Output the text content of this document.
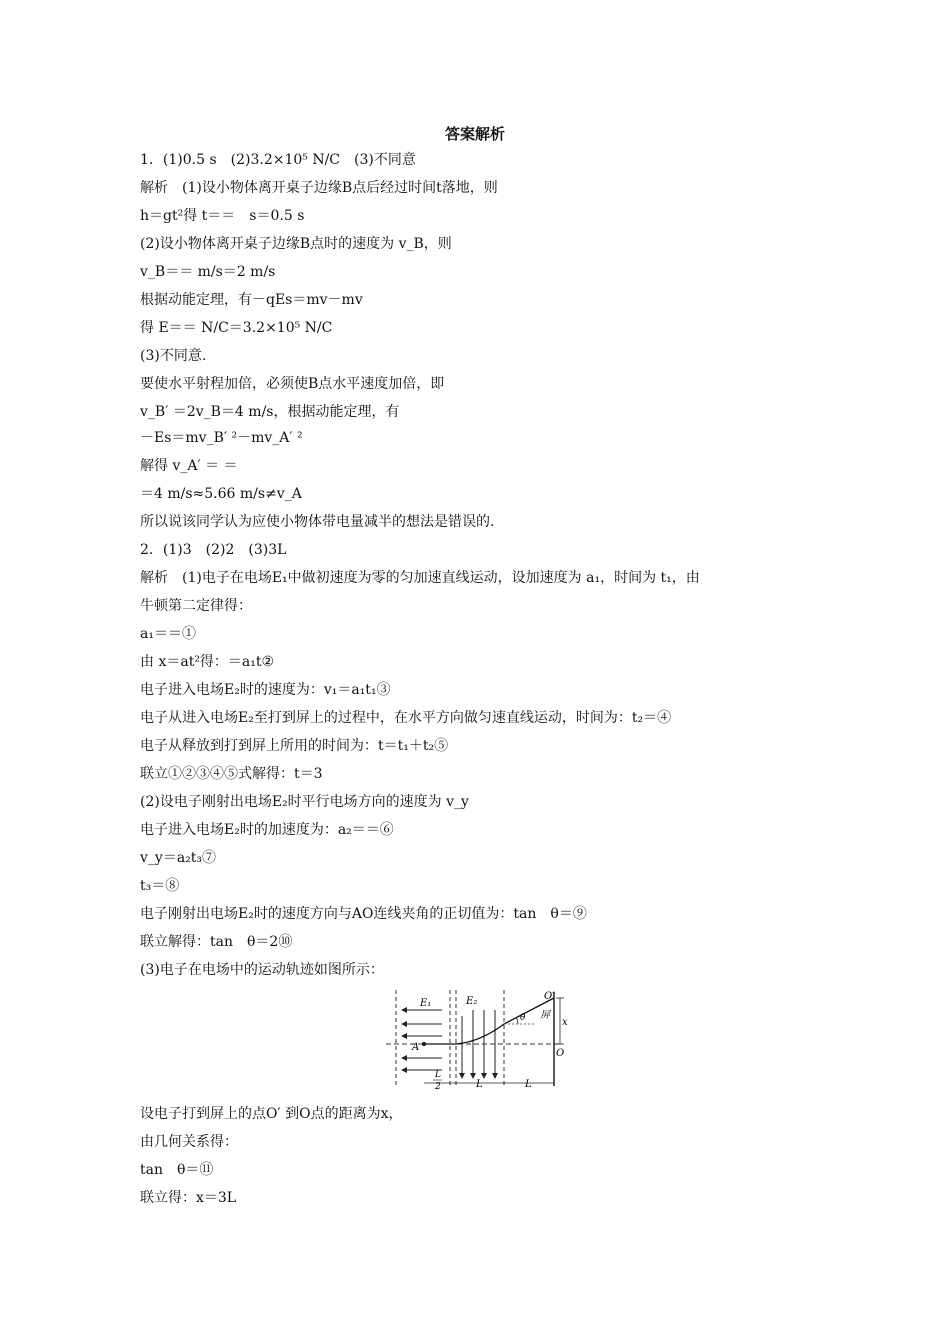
答案解析
1．(1)0.5 s　(2)3.2×10⁵ N/C　(3)不同意
解析　(1)设小物体离开桌子边缘B点后经过时间t落地，则
h＝gt²得 t＝＝　s＝0.5 s
(2)设小物体离开桌子边缘B点时的速度为 v_B，则
v_B＝＝ m/s＝2 m/s
根据动能定理，有－qEs＝mv－mv
得 E＝＝ N/C＝3.2×10⁵ N/C
(3)不同意.
要使水平射程加倍，必须使B点水平速度加倍，即
v_B′ ＝2v_B＝4 m/s，根据动能定理，有
－Es＝mv_B′ ²－mv_A′ ²
解得 v_A′ ＝ ＝
＝4 m/s≈5.66 m/s≠v_A
所以说该同学认为应使小物体带电量减半的想法是错误的.
2．(1)3　(2)2　(3)3L
解析　(1)电子在电场E₁中做初速度为零的匀加速直线运动，设加速度为 a₁，时间为 t₁，由
牛顿第二定律得：
a₁＝＝①
由 x＝at²得：＝a₁t②
电子进入电场E₂时的速度为：v₁＝a₁t₁③
电子从进入电场E₂至打到屏上的过程中，在水平方向做匀速直线运动，时间为：t₂＝④
电子从释放到打到屏上所用的时间为：t＝t₁＋t₂⑤
联立①②③④⑤式解得：t＝3
(2)设电子刚射出电场E₂时平行电场方向的速度为 v_y
电子进入电场E₂时的加速度为：a₂＝＝⑥
v_y＝a₂t₃⑦
t₃＝⑧
电子刚射出电场E₂时的速度方向与AO连线夹角的正切值为：tan　θ＝⑨
联立解得：tan　θ＝2⑩
(3)电子在电场中的运动轨迹如图所示：
E₁	E₂	O′
屏
x
θ
A
O
L
2	L	L
设电子打到屏上的点O′ 到O点的距离为x，
由几何关系得：
tan　θ＝⑪
联立得：x＝3L
